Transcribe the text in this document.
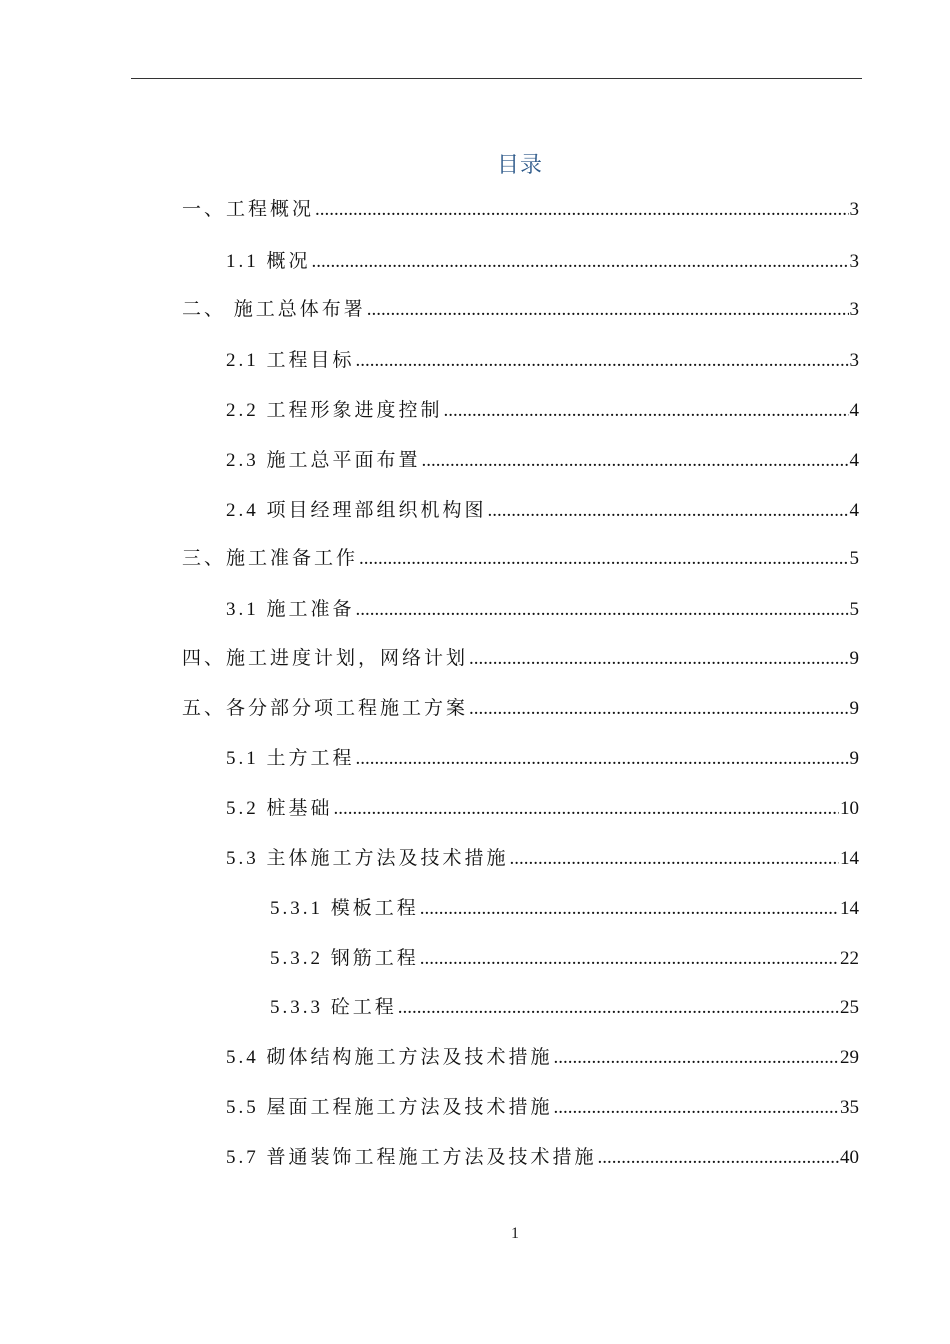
目录
一、工程概况 .....	3
1.1 概况 .....	3
二、 施工总体布署 .....	3
2.1 工程目标 .....	3
2.2 工程形象进度控制 .....	4
2.3 施工总平面布置 .....	4
2.4 项目经理部组织机构图 .....	4
三、施工准备工作 .....	5
3.1 施工准备 .....	5
四、施工进度计划，网络计划 .....	9
五、各分部分项工程施工方案 .....	9
5.1 土方工程 .....	9
5.2 桩基础 .....	10
5.3 主体施工方法及技术措施 .....	14
5.3.1 模板工程 .....	14
5.3.2 钢筋工程 .....	22
5.3.3 砼工程 .....	25
5.4 砌体结构施工方法及技术措施 .....	29
5.5 屋面工程施工方法及技术措施 .....	35
5.7 普通装饰工程施工方法及技术措施 .....	40
1
